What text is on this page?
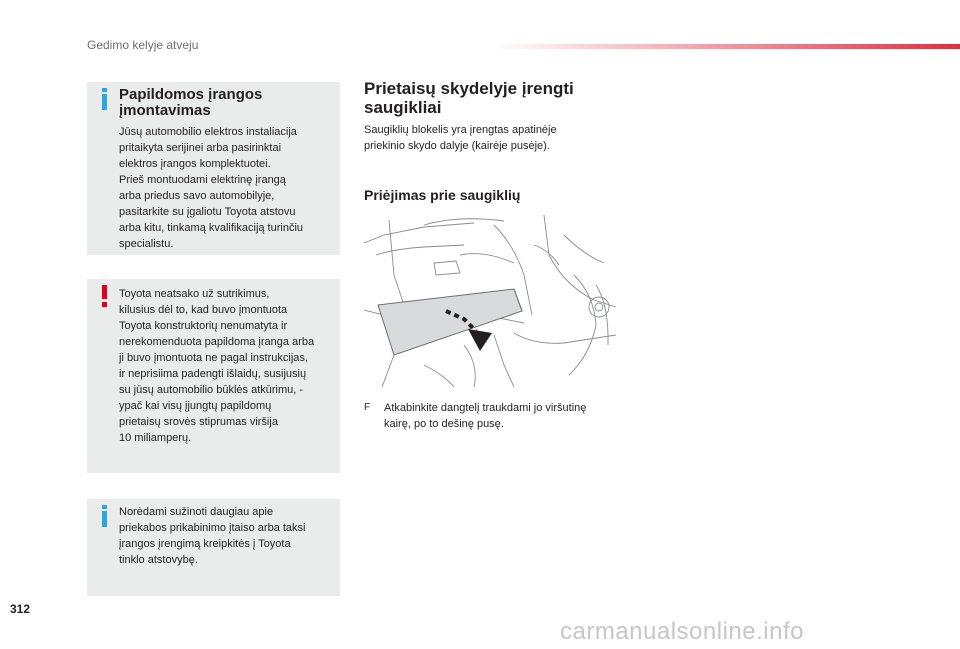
Gedimo kelyje atveju
Papildomos įrangos įmontavimas
Jūsų automobilio elektros instaliacija
pritaikyta serijinei arba pasirinktai
elektros įrangos komplektuotei.
Prieš montuodami elektrinę įrangą
arba priedus savo automobilyje,
pasitarkite su įgaliotu Toyota atstovu
arba kitu, tinkamą kvalifikaciją turinčiu
specialistu.
Toyota neatsako už sutrikimus,
kilusius dėl to, kad buvo įmontuota
Toyota konstruktorių nenumatyta ir
nerekomenduota papildoma įranga arba
ji buvo įmontuota ne pagal instrukcijas,
ir neprisiima padengti išlaidų, susijusių
su jūsų automobilio būklės atkūrimu, -
ypač kai visų įjungtų papildomų
prietaisų srovės stiprumas viršija
10 miliamperų.
Norėdami sužinoti daugiau apie
priekabos prikabinimo įtaiso arba taksi
įrangos įrengimą kreipkitės į Toyota
tinklo atstovybę.
Prietaisų skydelyje įrengti saugikliai
Saugiklių blokelis yra įrengtas apatinėje
priekinio skydo dalyje (kairėje pusėje).
Priėjimas prie saugiklių
F Atkabinkite dangtelį traukdami jo viršutinę
kairę, po to dešinę pusę.
312
carmanualsonline.info
